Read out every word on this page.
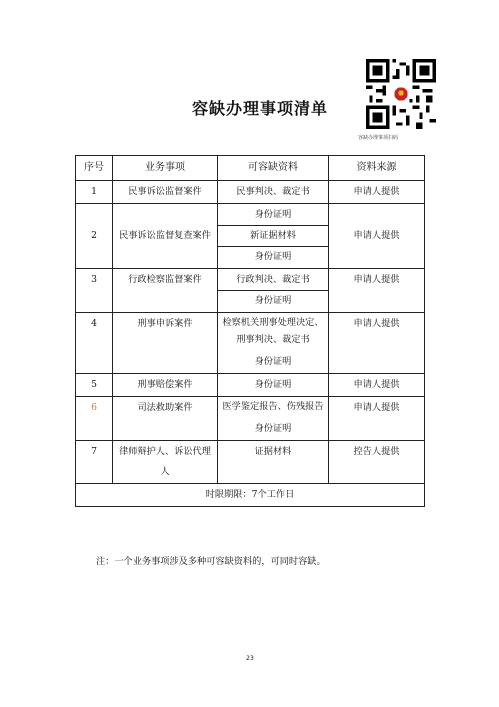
容缺办理事项清单
容缺办理事项扫码
序号	业务事项	可容缺资料	资料来源
1	民事诉讼监督案件	民事判决、裁定书	申请人提供
2	民事诉讼监督复查案件	身份证明
新证据材料
身份证明	申请人提供
3	行政检察监督案件	行政判决、裁定书
身份证明	申请人提供
4	刑事申诉案件	检察机关刑事处理决定、刑事判决、裁定书
身份证明	申请人提供
5	刑事赔偿案件	身份证明	申请人提供
6	司法救助案件	医学鉴定报告、伤残报告
身份证明	申请人提供
7	律师辩护人、诉讼代理人	证据材料	控告人提供
时限期限：7个工作日			
注：一个业务事项涉及多种可容缺资料的，可同时容缺。
23
